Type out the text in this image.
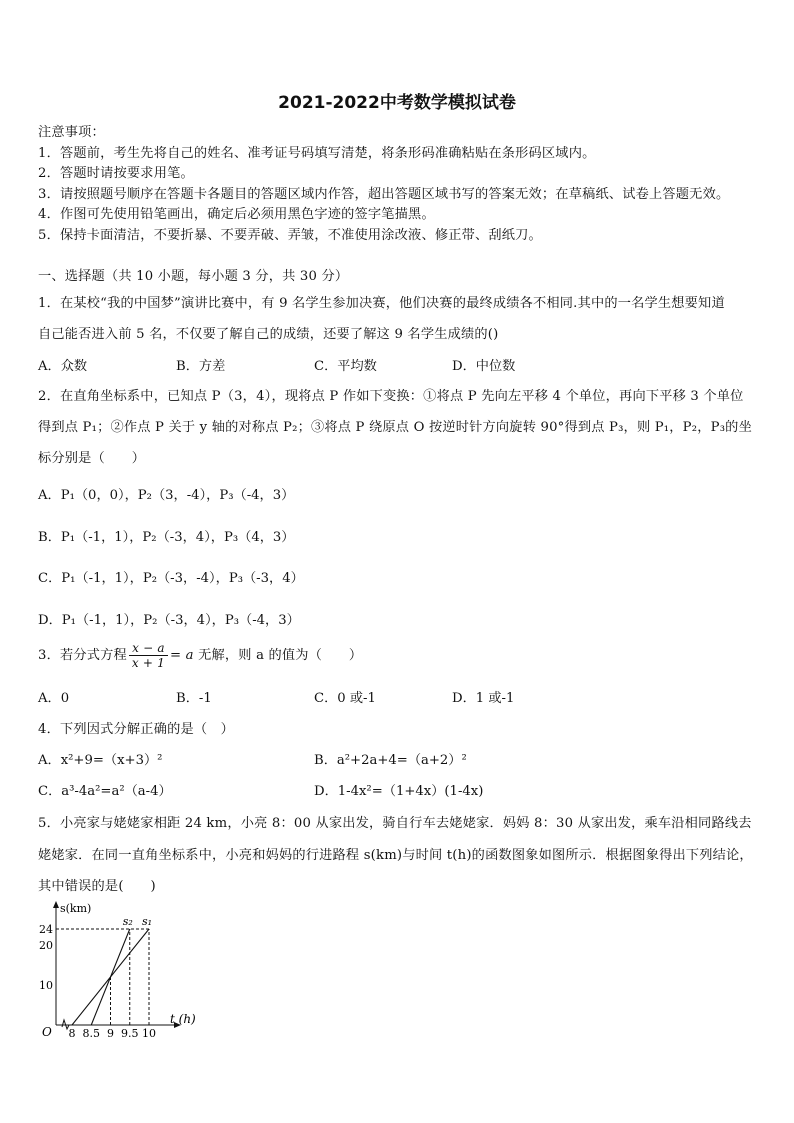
2021-2022中考数学模拟试卷
注意事项：
1．答题前，考生先将自己的姓名、准考证号码填写清楚，将条形码准确粘贴在条形码区域内。
2．答题时请按要求用笔。
3．请按照题号顺序在答题卡各题目的答题区域内作答，超出答题区域书写的答案无效；在草稿纸、试卷上答题无效。
4．作图可先使用铅笔画出，确定后必须用黑色字迹的签字笔描黑。
5．保持卡面清洁，不要折暴、不要弄破、弄皱，不准使用涂改液、修正带、刮纸刀。
一、选择题（共 10 小题，每小题 3 分，共 30 分）
1．在某校“我的中国梦”演讲比赛中，有 9 名学生参加决赛，他们决赛的最终成绩各不相同.其中的一名学生想要知道
自己能否进入前 5 名，不仅要了解自己的成绩，还要了解这 9 名学生成绩的()
A．众数	B．方差	C．平均数	D．中位数
2．在直角坐标系中，已知点 P（3，4），现将点 P 作如下变换：①将点 P 先向左平移 4 个单位，再向下平移 3 个单位
得到点 P₁；②作点 P 关于 y 轴的对称点 P₂；③将点 P 绕原点 O 按逆时针方向旋转 90°得到点 P₃，则 P₁，P₂，P₃的坐
标分别是（　　）
A．P₁（0，0），P₂（3，-4），P₃（-4，3）
B．P₁（-1，1），P₂（-3，4），P₃（4，3）
C．P₁（-1，1），P₂（-3，-4），P₃（-3，4）
D．P₁（-1，1），P₂（-3，4），P₃（-4，3）
3．若分式方程 $\frac{x - a}{x + 1} = a$ 无解，则 a 的值为（　　）
A．0	B．-1	C．0 或-1	D．1 或-1
4．下列因式分解正确的是（　）
A．x²+9=（x+3）²	B．a²+2a+4=（a+2）²
C．a³-4a²=a²（a-4）	D．1-4x²=（1+4x）(1-4x)
5．小亮家与姥姥家相距 24 km，小亮 8：00 从家出发，骑自行车去姥姥家．妈妈 8：30 从家出发，乘车沿相同路线去
姥姥家．在同一直角坐标系中，小亮和妈妈的行进路程 s(km)与时间 t(h)的函数图象如图所示．根据图象得出下列结论，
其中错误的是(　　)
s(km)
t (h)
O 8 8.5 9 9.5 10
10
20
24
s₁
s₂
